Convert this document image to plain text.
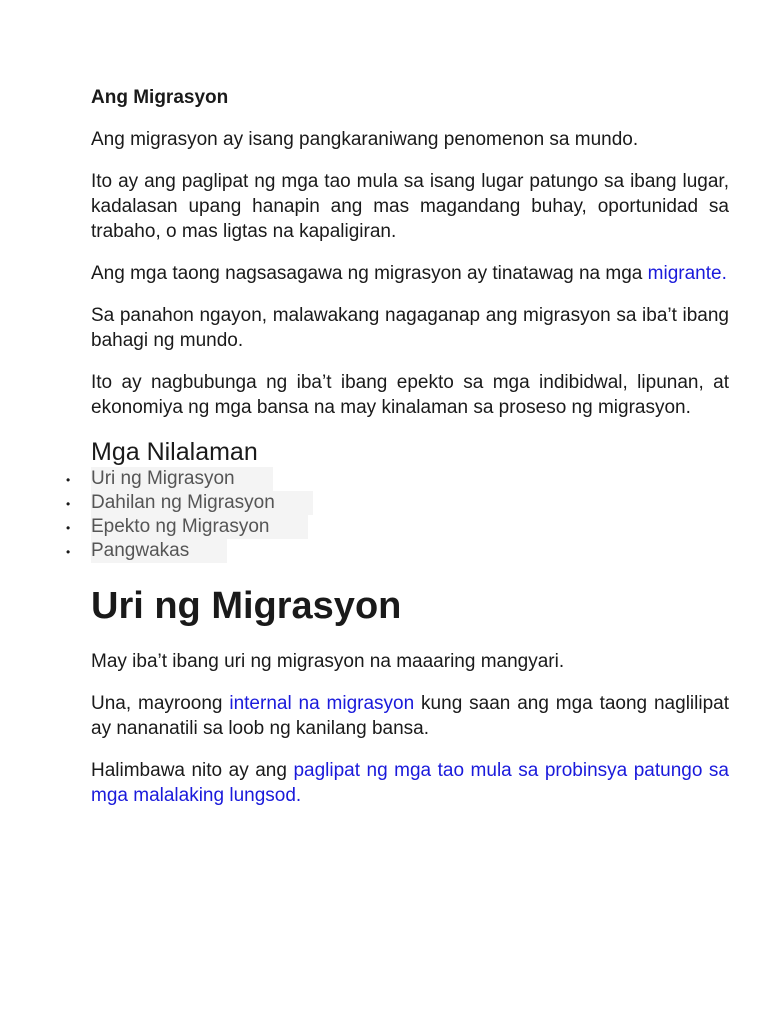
Ang Migrasyon

Ang migrasyon ay isang pangkaraniwang penomenon sa mundo.

Ito ay ang paglipat ng mga tao mula sa isang lugar patungo sa ibang lugar, kadalasan upang hanapin ang mas magandang buhay, oportunidad sa trabaho, o mas ligtas na kapaligiran.

Ang mga taong nagsasagawa ng migrasyon ay tinatawag na mga migrante.

Sa panahon ngayon, malawakang nagaganap ang migrasyon sa iba’t ibang bahagi ng mundo.

Ito ay nagbubunga ng iba’t ibang epekto sa mga indibidwal, lipunan, at ekonomiya ng mga bansa na may kinalaman sa proseso ng migrasyon.

Mga Nilalaman
• Uri ng Migrasyon
• Dahilan ng Migrasyon
• Epekto ng Migrasyon
• Pangwakas
Uri ng Migrasyon

May iba’t ibang uri ng migrasyon na maaaring mangyari.

Una, mayroong internal na migrasyon kung saan ang mga taong naglilipat ay nananatili sa loob ng kanilang bansa.

Halimbawa nito ay ang paglipat ng mga tao mula sa probinsya patungo sa mga malalaking lungsod.
